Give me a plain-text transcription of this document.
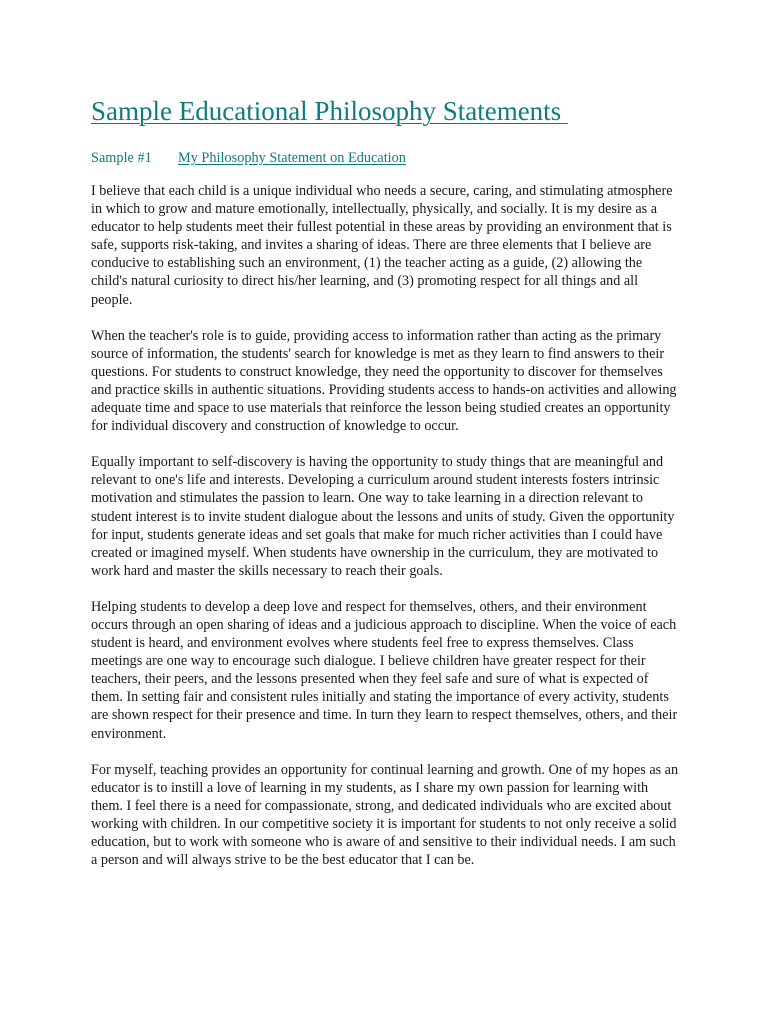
Sample Educational Philosophy Statements
Sample #1 My Philosophy Statement on Education

I believe that each child is a unique individual who needs a secure, caring, and stimulating atmosphere in which to grow and mature emotionally, intellectually, physically, and socially. It is my desire as a educator to help students meet their fullest potential in these areas by providing an environment that is safe, supports risk-taking, and invites a sharing of ideas. There are three elements that I believe are conducive to establishing such an environment, (1) the teacher acting as a guide, (2) allowing the child's natural curiosity to direct his/her learning, and (3) promoting respect for all things and all people.

When the teacher's role is to guide, providing access to information rather than acting as the primary source of information, the students' search for knowledge is met as they learn to find answers to their questions. For students to construct knowledge, they need the opportunity to discover for themselves and practice skills in authentic situations. Providing students access to hands-on activities and allowing adequate time and space to use materials that reinforce the lesson being studied creates an opportunity for individual discovery and construction of knowledge to occur.

Equally important to self-discovery is having the opportunity to study things that are meaningful and relevant to one's life and interests. Developing a curriculum around student interests fosters intrinsic motivation and stimulates the passion to learn. One way to take learning in a direction relevant to student interest is to invite student dialogue about the lessons and units of study. Given the opportunity for input, students generate ideas and set goals that make for much richer activities than I could have created or imagined myself. When students have ownership in the curriculum, they are motivated to work hard and master the skills necessary to reach their goals.

Helping students to develop a deep love and respect for themselves, others, and their environment occurs through an open sharing of ideas and a judicious approach to discipline. When the voice of each student is heard, and environment evolves where students feel free to express themselves. Class meetings are one way to encourage such dialogue. I believe children have greater respect for their teachers, their peers, and the lessons presented when they feel safe and sure of what is expected of them. In setting fair and consistent rules initially and stating the importance of every activity, students are shown respect for their presence and time. In turn they learn to respect themselves, others, and their environment.

For myself, teaching provides an opportunity for continual learning and growth. One of my hopes as an educator is to instill a love of learning in my students, as I share my own passion for learning with them. I feel there is a need for compassionate, strong, and dedicated individuals who are excited about working with children. In our competitive society it is important for students to not only receive a solid education, but to work with someone who is aware of and sensitive to their individual needs. I am such a person and will always strive to be the best educator that I can be.
